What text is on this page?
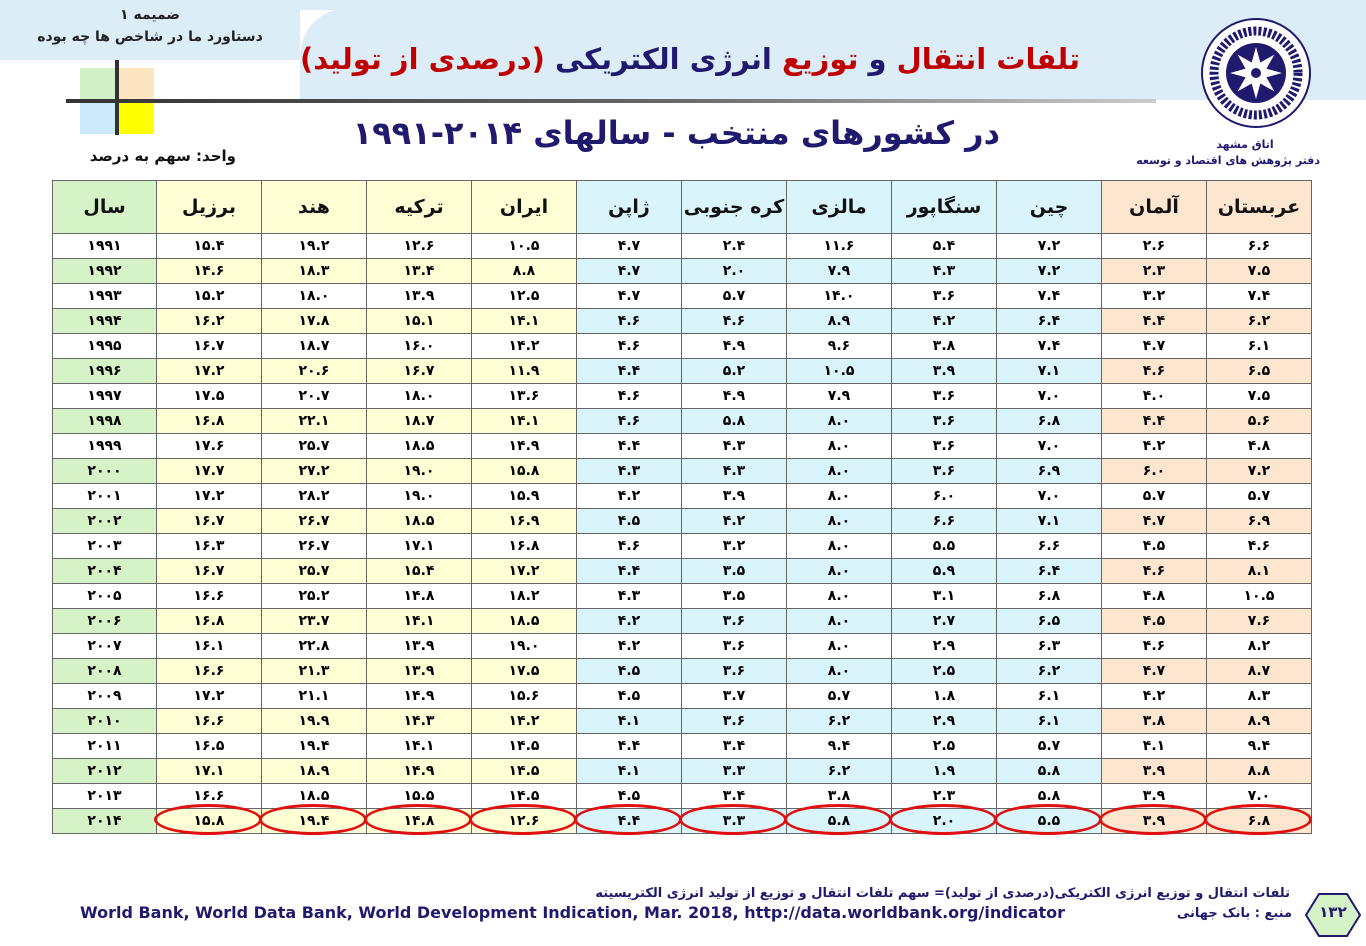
ضمیمه ۱
دستاورد ما در شاخص ها چه بوده
تلفات انتقال و توزیع انرژی الکتریکی (درصدی از تولید)
در کشورهای منتخب - سالهای ۲۰۱۴-۱۹۹۱	اتاق مشهد
دفتر پژوهش های اقتصاد و توسعه
واحد: سهم به درصد
سال	برزیل	هند	ترکیه	ایران	ژاپن	کره جنوبی	مالزی	سنگاپور	چین	آلمان	عربستان
۱۹۹۱	۱۵.۴	۱۹.۲	۱۲.۶	۱۰.۵	۴.۷	۲.۴	۱۱.۶	۵.۴	۷.۲	۲.۶	۶.۶
۱۹۹۲	۱۴.۶	۱۸.۳	۱۳.۴	۸.۸	۴.۷	۲.۰	۷.۹	۴.۳	۷.۲	۲.۳	۷.۵
۱۹۹۳	۱۵.۲	۱۸.۰	۱۳.۹	۱۲.۵	۴.۷	۵.۷	۱۴.۰	۳.۶	۷.۴	۳.۲	۷.۴
۱۹۹۴	۱۶.۲	۱۷.۸	۱۵.۱	۱۴.۱	۴.۶	۴.۶	۸.۹	۴.۲	۶.۴	۴.۴	۶.۲
۱۹۹۵	۱۶.۷	۱۸.۷	۱۶.۰	۱۴.۲	۴.۶	۴.۹	۹.۶	۳.۸	۷.۴	۴.۷	۶.۱
۱۹۹۶	۱۷.۲	۲۰.۶	۱۶.۷	۱۱.۹	۴.۴	۵.۲	۱۰.۵	۳.۹	۷.۱	۴.۶	۶.۵
۱۹۹۷	۱۷.۵	۲۰.۷	۱۸.۰	۱۳.۶	۴.۶	۴.۹	۷.۹	۳.۶	۷.۰	۴.۰	۷.۵
۱۹۹۸	۱۶.۸	۲۲.۱	۱۸.۷	۱۴.۱	۴.۶	۵.۸	۸.۰	۳.۶	۶.۸	۴.۴	۵.۶
۱۹۹۹	۱۷.۶	۲۵.۷	۱۸.۵	۱۴.۹	۴.۴	۴.۳	۸.۰	۳.۶	۷.۰	۴.۲	۴.۸
۲۰۰۰	۱۷.۷	۲۷.۲	۱۹.۰	۱۵.۸	۴.۳	۴.۳	۸.۰	۳.۶	۶.۹	۶.۰	۷.۲
۲۰۰۱	۱۷.۲	۲۸.۲	۱۹.۰	۱۵.۹	۴.۲	۳.۹	۸.۰	۶.۰	۷.۰	۵.۷	۵.۷
۲۰۰۲	۱۶.۷	۲۶.۷	۱۸.۵	۱۶.۹	۴.۵	۴.۲	۸.۰	۶.۶	۷.۱	۴.۷	۶.۹
۲۰۰۳	۱۶.۳	۲۶.۷	۱۷.۱	۱۶.۸	۴.۶	۳.۲	۸.۰	۵.۵	۶.۶	۴.۵	۴.۶
۲۰۰۴	۱۶.۷	۲۵.۷	۱۵.۴	۱۷.۲	۴.۴	۳.۵	۸.۰	۵.۹	۶.۴	۴.۶	۸.۱
۲۰۰۵	۱۶.۶	۲۵.۲	۱۴.۸	۱۸.۲	۴.۳	۳.۵	۸.۰	۳.۱	۶.۸	۴.۸	۱۰.۵
۲۰۰۶	۱۶.۸	۲۳.۷	۱۴.۱	۱۸.۵	۴.۲	۳.۶	۸.۰	۲.۷	۶.۵	۴.۵	۷.۶
۲۰۰۷	۱۶.۱	۲۲.۸	۱۳.۹	۱۹.۰	۴.۲	۳.۶	۸.۰	۲.۹	۶.۳	۴.۶	۸.۲
۲۰۰۸	۱۶.۶	۲۱.۳	۱۳.۹	۱۷.۵	۴.۵	۳.۶	۸.۰	۲.۵	۶.۲	۴.۷	۸.۷
۲۰۰۹	۱۷.۲	۲۱.۱	۱۴.۹	۱۵.۶	۴.۵	۳.۷	۵.۷	۱.۸	۶.۱	۴.۲	۸.۳
۲۰۱۰	۱۶.۶	۱۹.۹	۱۴.۳	۱۴.۲	۴.۱	۳.۶	۶.۲	۲.۹	۶.۱	۳.۸	۸.۹
۲۰۱۱	۱۶.۵	۱۹.۴	۱۴.۱	۱۴.۵	۴.۴	۳.۴	۹.۴	۲.۵	۵.۷	۴.۱	۹.۴
۲۰۱۲	۱۷.۱	۱۸.۹	۱۴.۹	۱۴.۵	۴.۱	۳.۳	۶.۲	۱.۹	۵.۸	۳.۹	۸.۸
۲۰۱۳	۱۶.۶	۱۸.۵	۱۵.۵	۱۴.۵	۴.۵	۳.۴	۳.۸	۲.۳	۵.۸	۳.۹	۷.۰
۲۰۱۴	۱۵.۸	۱۹.۴	۱۴.۸	۱۲.۶	۴.۴	۳.۳	۵.۸	۲.۰	۵.۵	۳.۹	۶.۸
تلفات انتقال و توزیع انرژی الکتریکی(درصدی از تولید)= سهم تلفات انتقال و توزیع از تولید انرژی الکتریسیته
World Bank, World Data Bank, World Development Indication, Mar. 2018, http://data.worldbank.org/indicator	منبع : بانک جهانی	۱۳۲
